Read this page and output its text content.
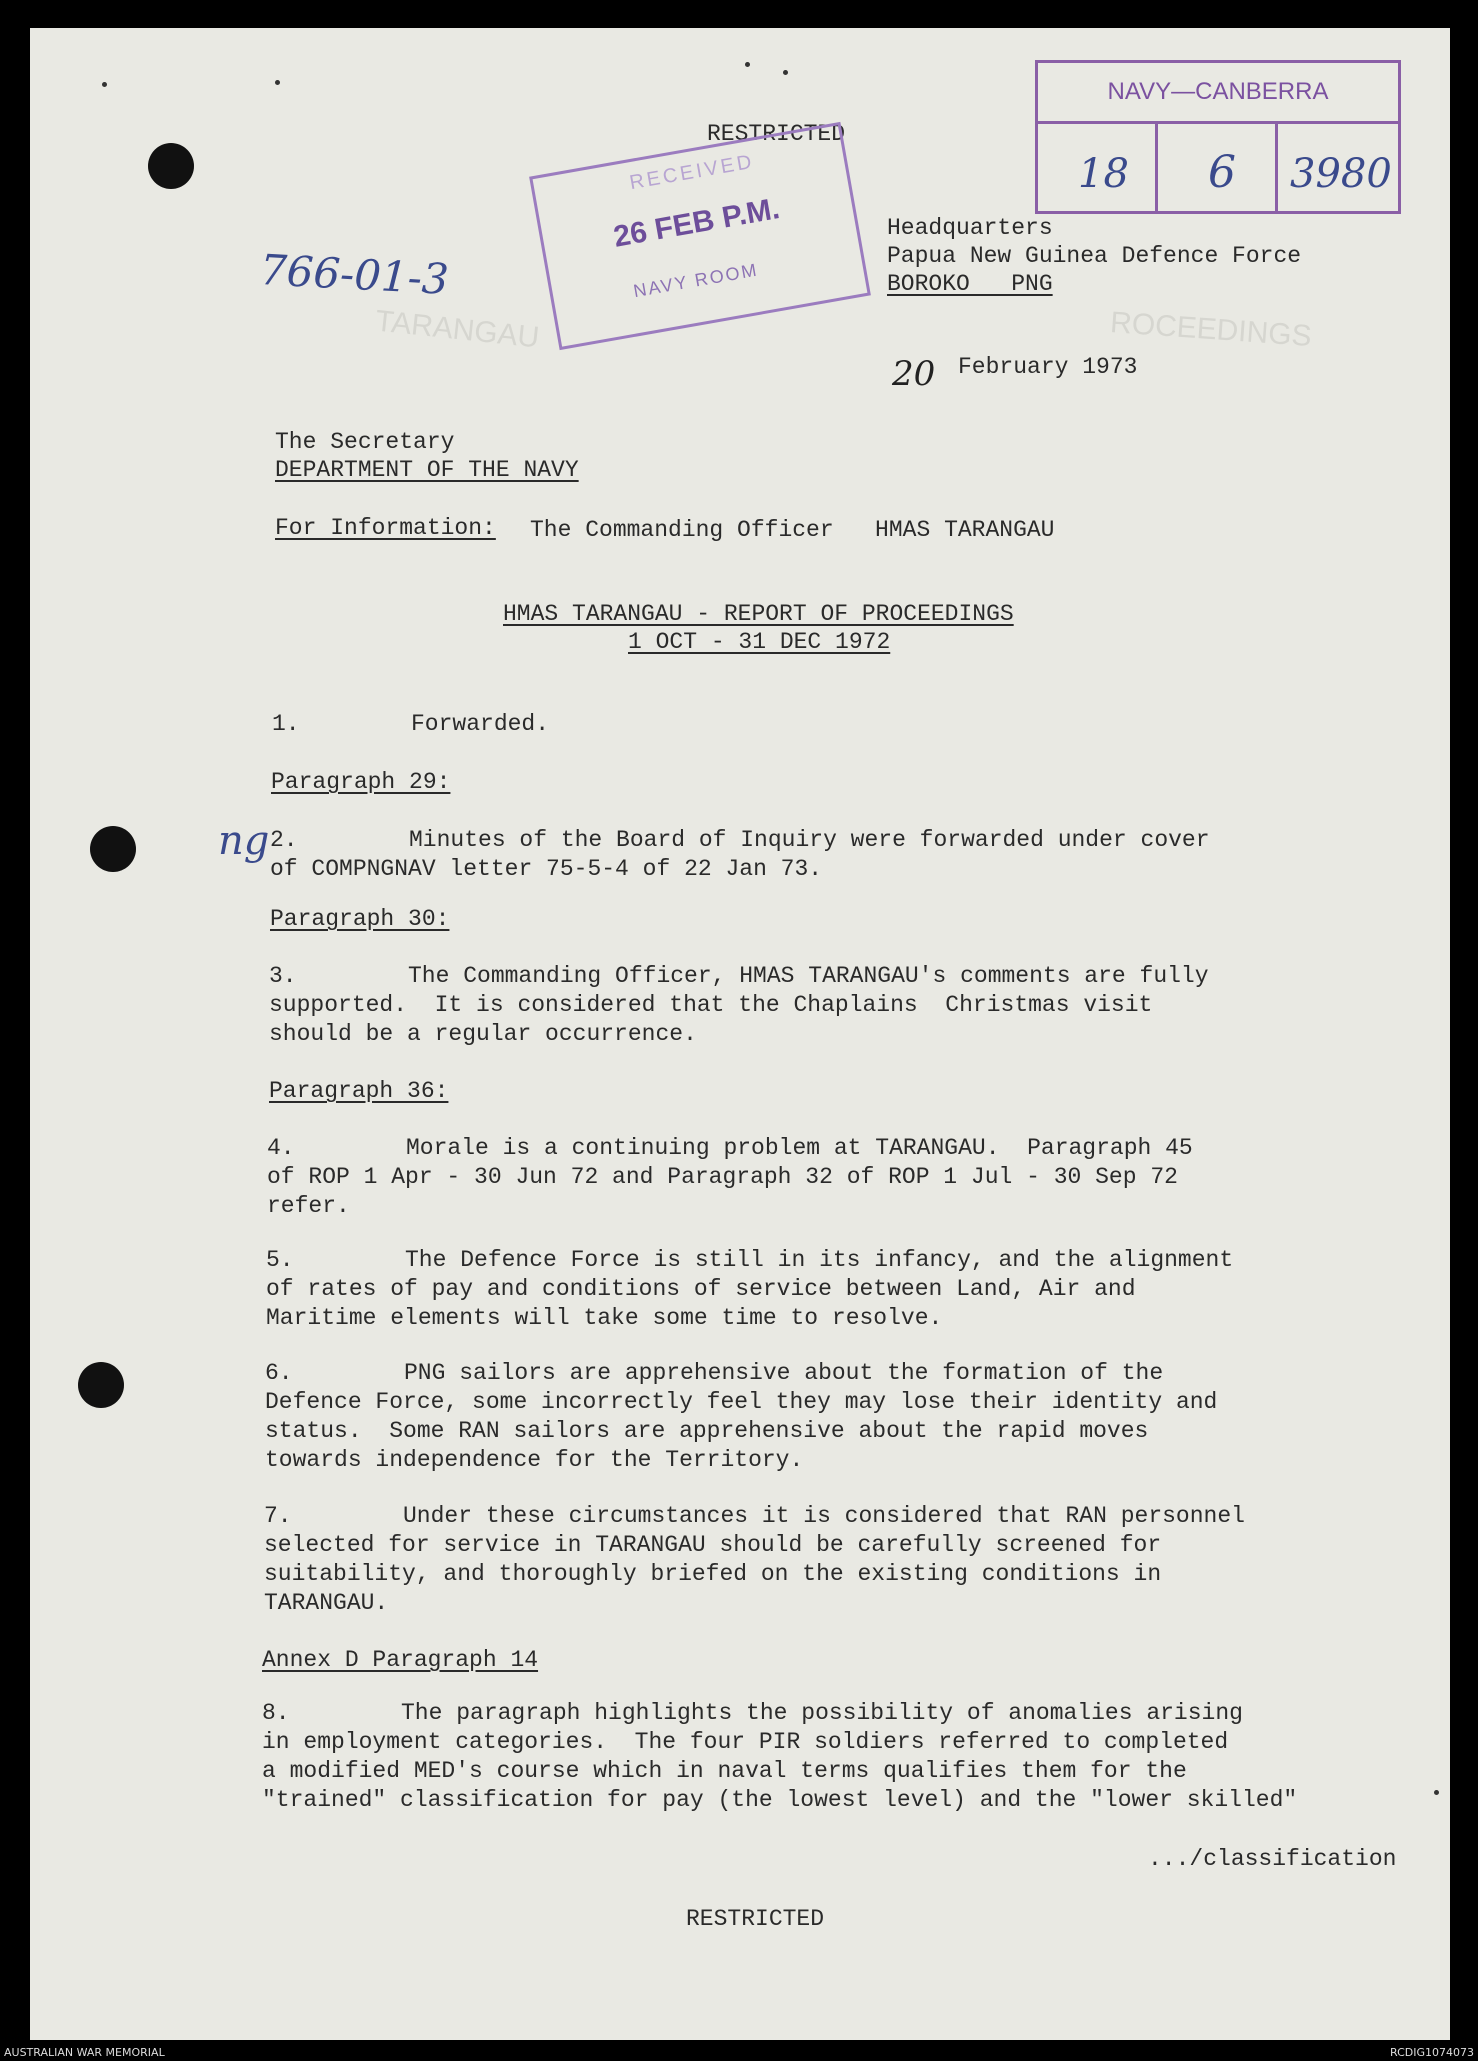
TARANGAU	ROCEEDINGS
RESTRICTED
NAVY—CANBERRA
18 6 3980
RECEIVED
26 FEB P.M.
NAVY ROOM
766-01-3
Headquarters
Papua New Guinea Defence Force
BOROKO   PNG
20 February 1973
The Secretary
DEPARTMENT OF THE NAVY
For Information: The Commanding Officer   HMAS TARANGAU
HMAS TARANGAU - REPORT OF PROCEEDINGS
1 OCT - 31 DEC 1972
1.	Forwarded.
Paragraph 29:
ng 2.	Minutes of the Board of Inquiry were forwarded under cover
of COMPNGNAV letter 75-5-4 of 22 Jan 73.
Paragraph 30:
3.	The Commanding Officer, HMAS TARANGAU's comments are fully
supported.  It is considered that the Chaplains  Christmas visit
should be a regular occurrence.
Paragraph 36:
4.	Morale is a continuing problem at TARANGAU.  Paragraph 45
of ROP 1 Apr - 30 Jun 72 and Paragraph 32 of ROP 1 Jul - 30 Sep 72
refer.
5.	The Defence Force is still in its infancy, and the alignment
of rates of pay and conditions of service between Land, Air and
Maritime elements will take some time to resolve.
6.	PNG sailors are apprehensive about the formation of the
Defence Force, some incorrectly feel they may lose their identity and
status.  Some RAN sailors are apprehensive about the rapid moves
towards independence for the Territory.
7.	Under these circumstances it is considered that RAN personnel
selected for service in TARANGAU should be carefully screened for
suitability, and thoroughly briefed on the existing conditions in
TARANGAU.
Annex D Paragraph 14
8.	The paragraph highlights the possibility of anomalies arising
in employment categories.  The four PIR soldiers referred to completed
a modified MED's course which in naval terms qualifies them for the
"trained" classification for pay (the lowest level) and the "lower skilled"
.../classification
RESTRICTED
AUSTRALIAN WAR MEMORIAL	RCDIG1074073
